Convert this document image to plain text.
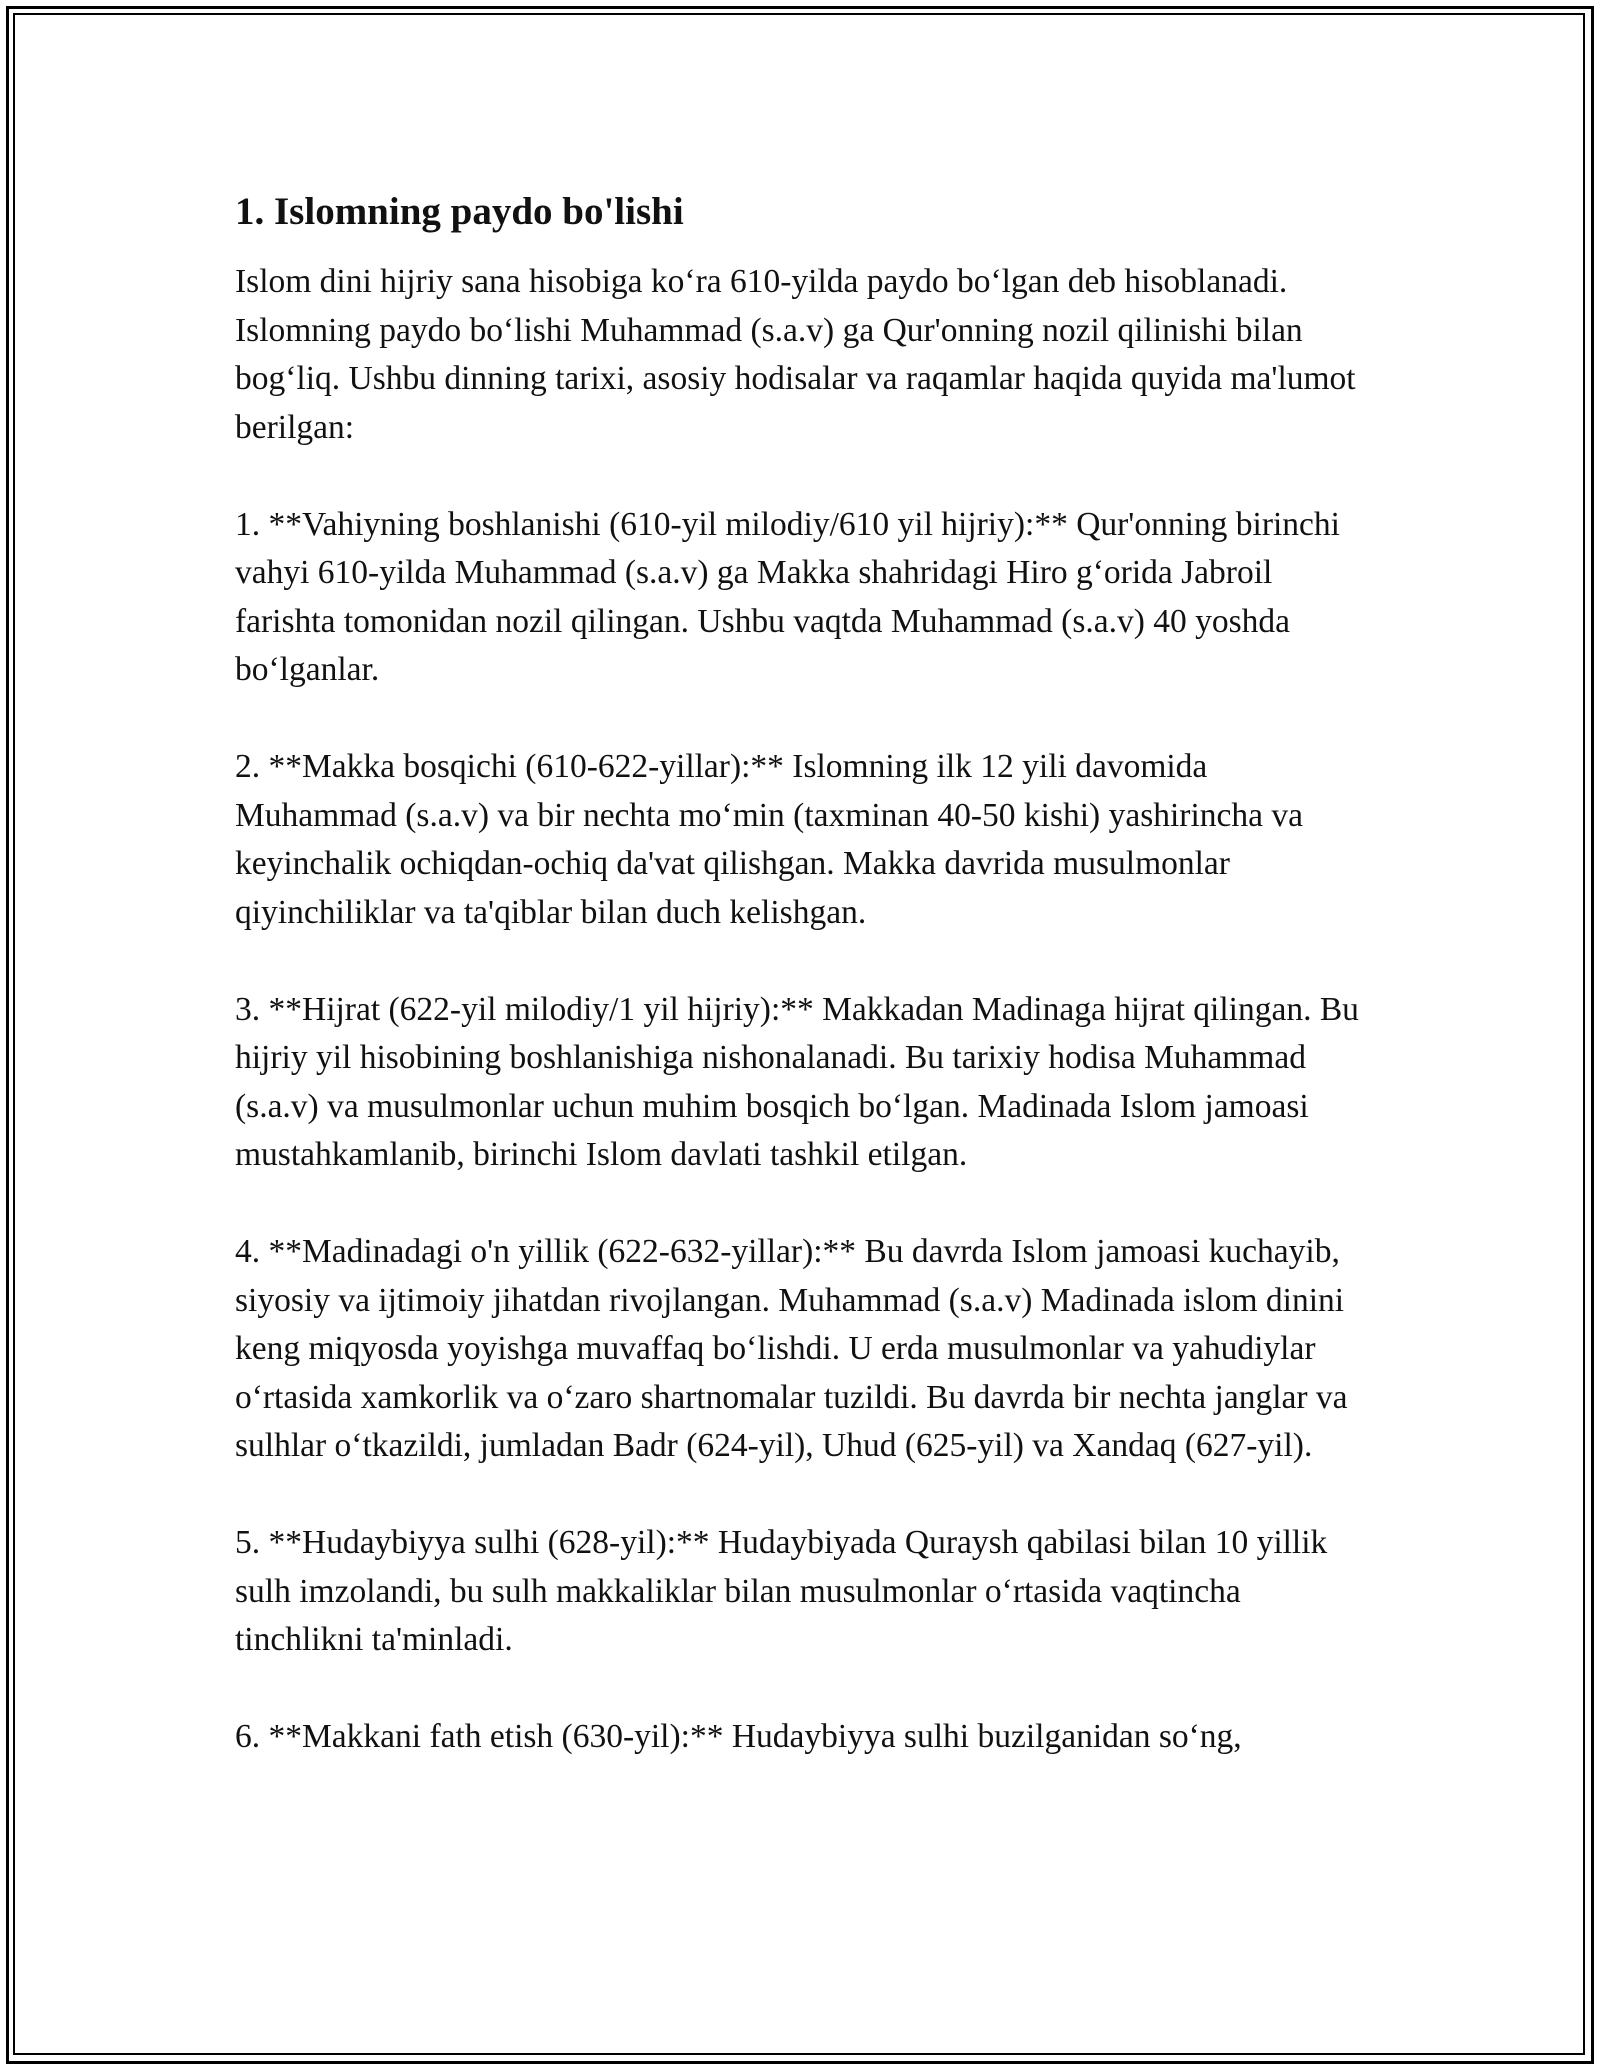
1. Islomning paydo bo'lishi

Islom dini hijriy sana hisobiga ko‘ra 610-yilda paydo bo‘lgan deb hisoblanadi. Islomning paydo bo‘lishi Muhammad (s.a.v) ga Qur'onning nozil qilinishi bilan bog‘liq. Ushbu dinning tarixi, asosiy hodisalar va raqamlar haqida quyida ma'lumot berilgan:

1. **Vahiyning boshlanishi (610-yil milodiy/610 yil hijriy):** Qur'onning birinchi vahyi 610-yilda Muhammad (s.a.v) ga Makka shahridagi Hiro g‘orida Jabroil farishta tomonidan nozil qilingan. Ushbu vaqtda Muhammad (s.a.v) 40 yoshda bo‘lganlar.

2. **Makka bosqichi (610-622-yillar):** Islomning ilk 12 yili davomida Muhammad (s.a.v) va bir nechta mo‘min (taxminan 40-50 kishi) yashirincha va keyinchalik ochiqdan-ochiq da'vat qilishgan. Makka davrida musulmonlar qiyinchiliklar va ta'qiblar bilan duch kelishgan.

3. **Hijrat (622-yil milodiy/1 yil hijriy):** Makkadan Madinaga hijrat qilingan. Bu hijriy yil hisobining boshlanishiga nishonalanadi. Bu tarixiy hodisa Muhammad (s.a.v) va musulmonlar uchun muhim bosqich bo‘lgan. Madinada Islom jamoasi mustahkamlanib, birinchi Islom davlati tashkil etilgan.

4. **Madinadagi o'n yillik (622-632-yillar):** Bu davrda Islom jamoasi kuchayib, siyosiy va ijtimoiy jihatdan rivojlangan. Muhammad (s.a.v) Madinada islom dinini keng miqyosda yoyishga muvaffaq bo‘lishdi. U erda musulmonlar va yahudiylar o‘rtasida xamkorlik va o‘zaro shartnomalar tuzildi. Bu davrda bir nechta janglar va sulhlar o‘tkazildi, jumladan Badr (624-yil), Uhud (625-yil) va Xandaq (627-yil).

5. **Hudaybiyya sulhi (628-yil):** Hudaybiyada Quraysh qabilasi bilan 10 yillik sulh imzolandi, bu sulh makkaliklar bilan musulmonlar o‘rtasida vaqtincha tinchlikni ta'minladi.

6. **Makkani fath etish (630-yil):** Hudaybiyya sulhi buzilganidan so‘ng,
